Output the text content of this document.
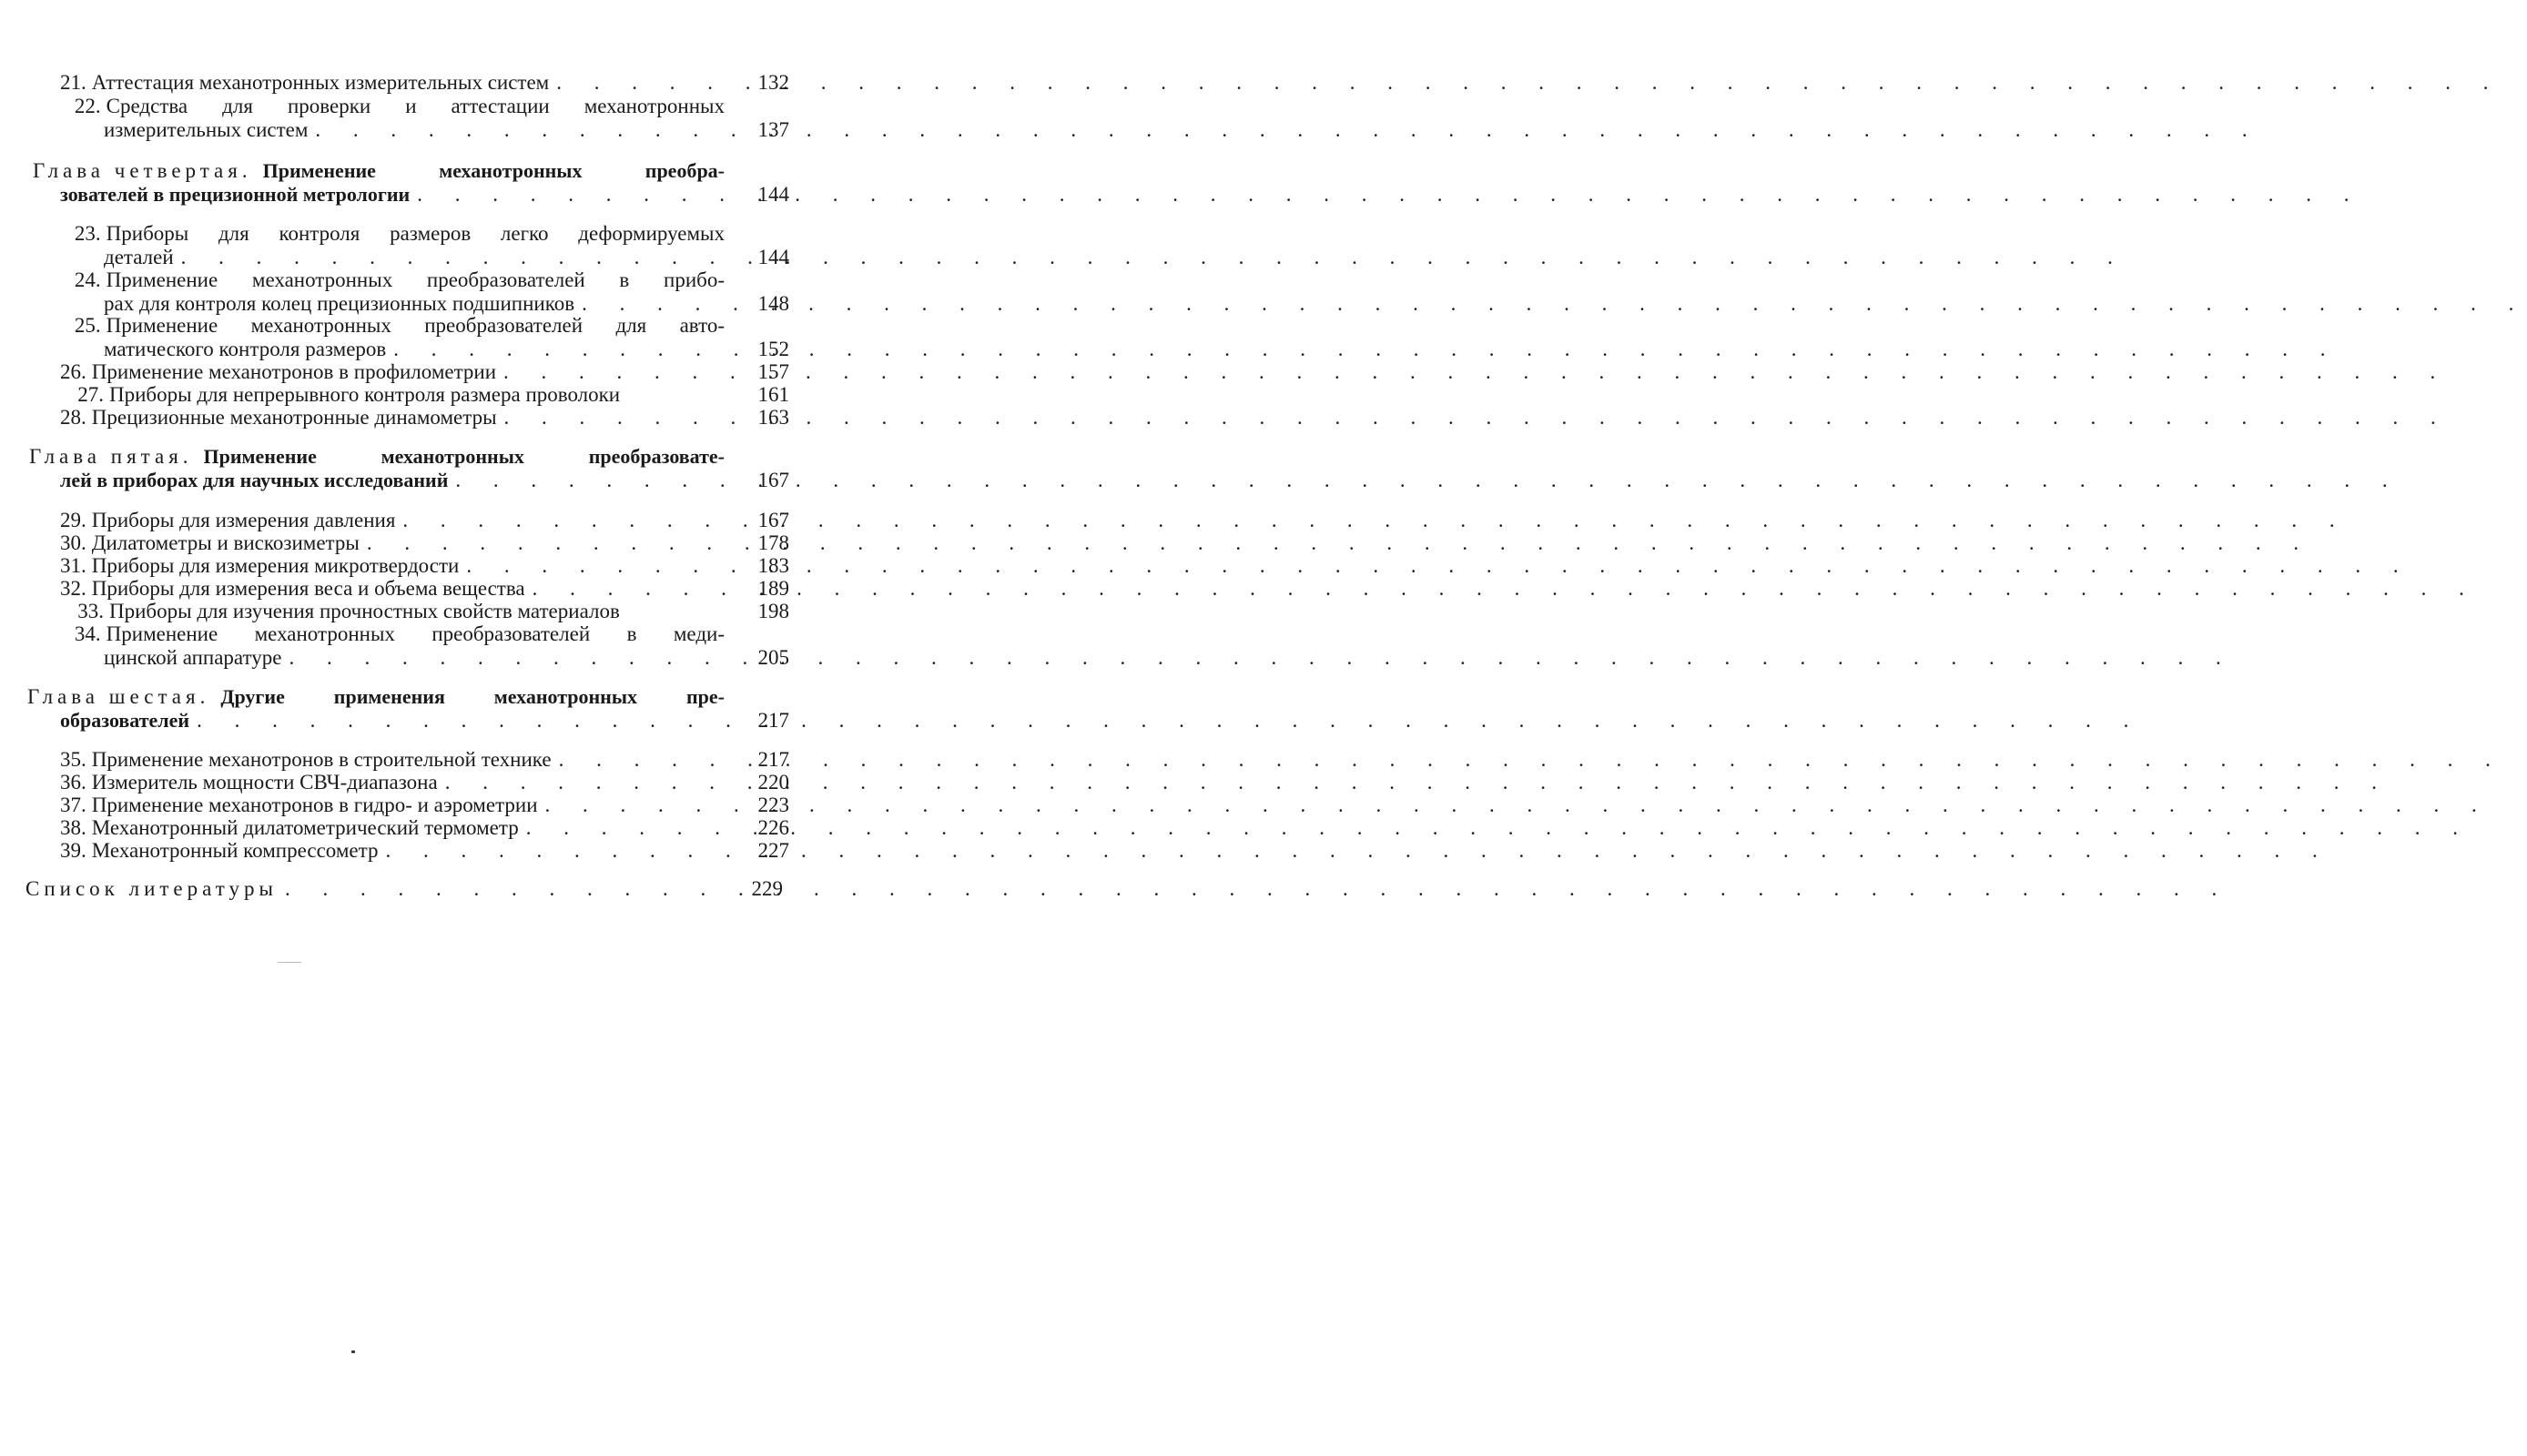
21. Аттестация механотронных измерительных систем . . .	132
22. Средства для проверки и аттестации механотронных
измерительных систем . . .	137
Глава четвертая. Применение механотронных преобра-
зователей в прецизионной метрологии . . .	144
23. Приборы для контроля размеров легко деформируемых
деталей . . .	144
24. Применение механотронных преобразователей в прибо-
рах для контроля колец прецизионных подшипников . . .	148
25. Применение механотронных преобразователей для авто-
матического контроля размеров . . .	152
26. Применение механотронов в профилометрии . . .	157
27. Приборы для непрерывного контроля размера проволоки	161
28. Прецизионные механотронные динамометры . . .	163
Глава пятая. Применение механотронных преобразовате-
лей в приборах для научных исследований . . .	167
29. Приборы для измерения давления . . .	167
30. Дилатометры и вискозиметры . . .	178
31. Приборы для измерения микротвердости . . .	183
32. Приборы для измерения веса и объема вещества . . .	189
33. Приборы для изучения прочностных свойств материалов	198
34. Применение механотронных преобразователей в меди-
цинской аппаратуре . . .	205
Глава шестая. Другие применения механотронных пре-
образователей . . .	217
35. Применение механотронов в строительной технике . . .	217
36. Измеритель мощности СВЧ-диапазона . . .	220
37. Применение механотронов в гидро- и аэрометрии . . .	223
38. Механотронный дилатометрический термометр . . .	226
39. Механотронный компрессометр . . .	227
Список литературы . . .	229
